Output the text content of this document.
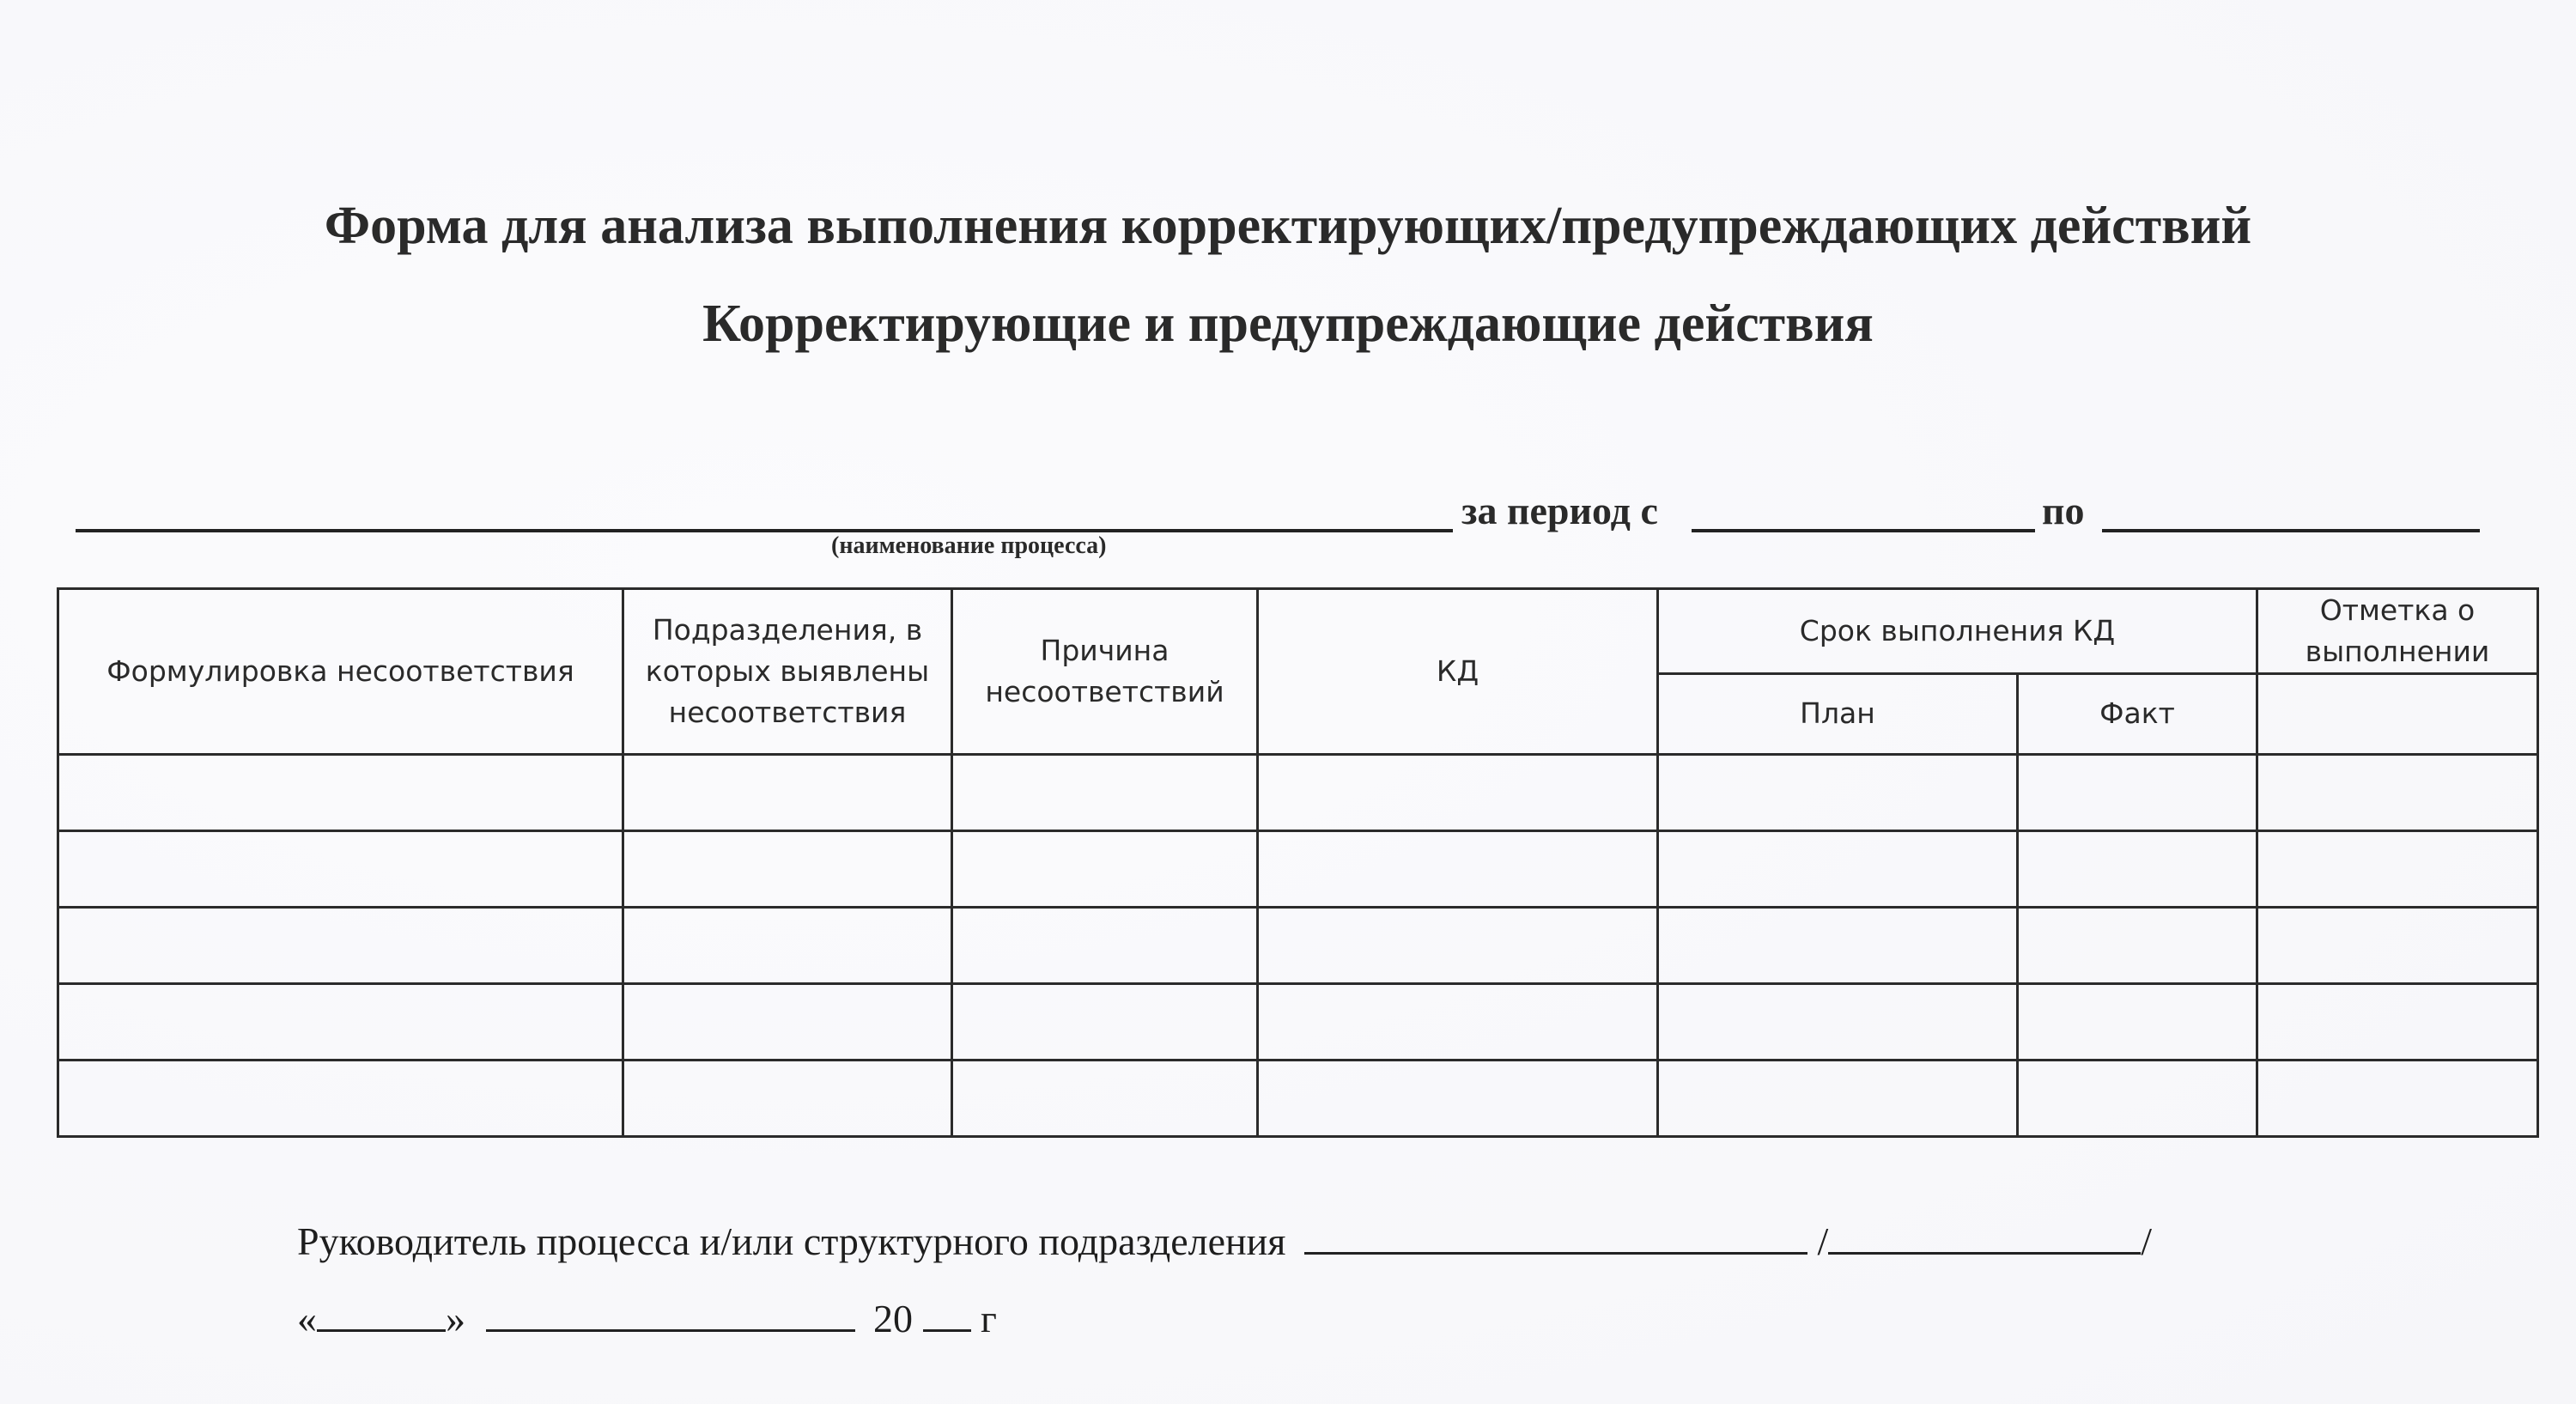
Форма для анализа выполнения корректирующих/предупреждающих действий
Корректирующие и предупреждающие действия
за период с	по
(наименование процесса)
Формулировка несоответствия	Подразделения, в которых выявлены несоответствия	Причина несоответствий	КД	Срок выполнения КД		Отметка о выполнении
				План	Факт	

Руководитель процесса и/или структурного подразделения	/	/
«	»	20 г
